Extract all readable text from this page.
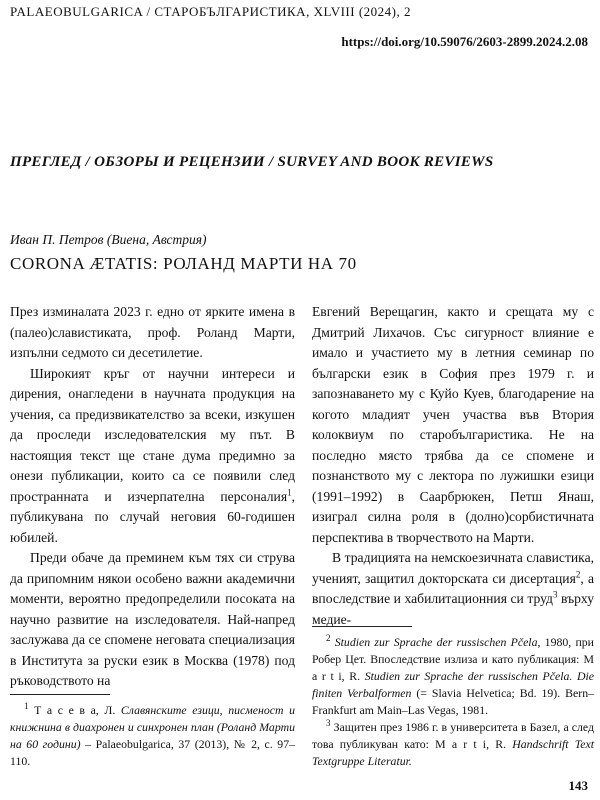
PALAEOBULGARICA / СТАРОБЪЛГАРИСТИКА, XLVIII (2024), 2
https://doi.org/10.59076/2603-2899.2024.2.08
ПРЕГЛЕД / ОБЗОРЫ И РЕЦЕНЗИИ / SURVEY AND BOOK REVIEWS
Иван П. Петров (Виена, Австрия)
CORONA ÆTATIS: РОЛАНД МАРТИ НА 70

През изминалата 2023 г. едно от ярките имена в (палео)славистиката, проф. Роланд Марти, изпълни седмото си десетилетие.

Широкият кръг от научни интереси и дирения, онагледени в научната продукция на учения, са предизвикателство за всеки, изкушен да проследи изследователския му път. В настоящия текст ще стане дума предимно за онези публикации, които са се появили след пространната и изчерпателна персоналия$^1$, публикувана по случай неговия 60-годишен юбилей.

Преди обаче да преминем към тях си струва да припомним някои особено важни академични моменти, вероятно предопределили посоката на научно развитие на изследователя. Най-напред заслужава да се спомене неговата специализация в Института за руски език в Москва (1978) под ръководството на

Евгений Верещагин, както и срещата му с Дмитрий Лихачов. Със сигурност влияние е имало и участието му в летния семинар по български език в София през 1979 г. и запознаването му с Куйо Куев, благодарение на когото младият учен участва във Втория колоквиум по старобългаристика. Не на последно място трябва да се спомене и познанството му с лектора по лужишки езици (1991–1992) в Саарбрюкен, Петш Янаш, изиграл силна роля в (долно)сорбистичната перспектива в творчеството на Марти.

В традицията на немскоезичната славистика, ученият, защитил докторската си дисертация$^2$, а впоследствие и хабилитационния си труд$^3$ върху медие-

$^1$ Т а с е в а, Л. Славянските езици, писменост и книжнина в диахронен и синхронен план (Роланд Марти на 60 години) – Palaeobulgarica, 37 (2013), № 2, с. 97–110.

$^2$ Studien zur Sprache der russischen Pčela, 1980, при Робер Цет. Впоследствие излиза и като публикация: M a r t i, R. Studien zur Sprache der russischen Pčela. Die finiten Verbalformen (= Slavia Helvetica; Bd. 19). Bern–Frankfurt am Main–Las Vegas, 1981.

$^3$ Защитен през 1986 г. в университета в Базел, а след това публикуван като: M a r t i, R. Handschrift Text Textgruppe Literatur.

143
